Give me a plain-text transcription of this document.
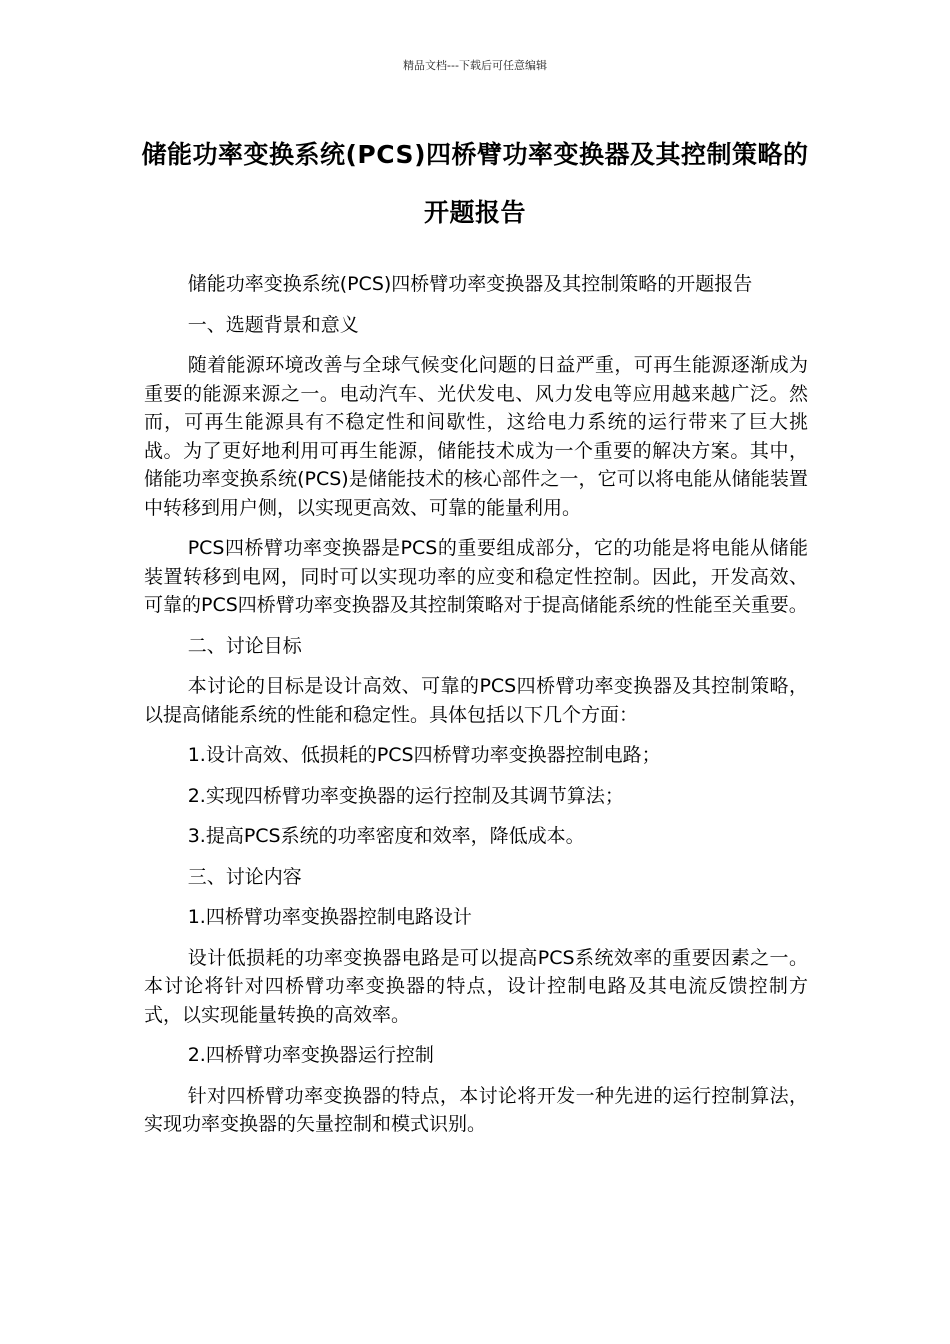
精品文档---下载后可任意编辑
储能功率变换系统(PCS)四桥臂功率变换器及其控制策略的开题报告

储能功率变换系统(PCS)四桥臂功率变换器及其控制策略的开题报告

一、选题背景和意义

随着能源环境改善与全球气候变化问题的日益严重，可再生能源逐渐成为重要的能源来源之一。电动汽车、光伏发电、风力发电等应用越来越广泛。然而，可再生能源具有不稳定性和间歇性，这给电力系统的运行带来了巨大挑战。为了更好地利用可再生能源，储能技术成为一个重要的解决方案。其中，储能功率变换系统(PCS)是储能技术的核心部件之一，它可以将电能从储能装置中转移到用户侧，以实现更高效、可靠的能量利用。

PCS四桥臂功率变换器是PCS的重要组成部分，它的功能是将电能从储能装置转移到电网，同时可以实现功率的应变和稳定性控制。因此，开发高效、可靠的PCS四桥臂功率变换器及其控制策略对于提高储能系统的性能至关重要。

二、讨论目标

本讨论的目标是设计高效、可靠的PCS四桥臂功率变换器及其控制策略，以提高储能系统的性能和稳定性。具体包括以下几个方面：

1.设计高效、低损耗的PCS四桥臂功率变换器控制电路；

2.实现四桥臂功率变换器的运行控制及其调节算法；

3.提高PCS系统的功率密度和效率，降低成本。

三、讨论内容

1.四桥臂功率变换器控制电路设计

设计低损耗的功率变换器电路是可以提高PCS系统效率的重要因素之一。本讨论将针对四桥臂功率变换器的特点，设计控制电路及其电流反馈控制方式，以实现能量转换的高效率。

2.四桥臂功率变换器运行控制

针对四桥臂功率变换器的特点，本讨论将开发一种先进的运行控制算法，实现功率变换器的矢量控制和模式识别。
